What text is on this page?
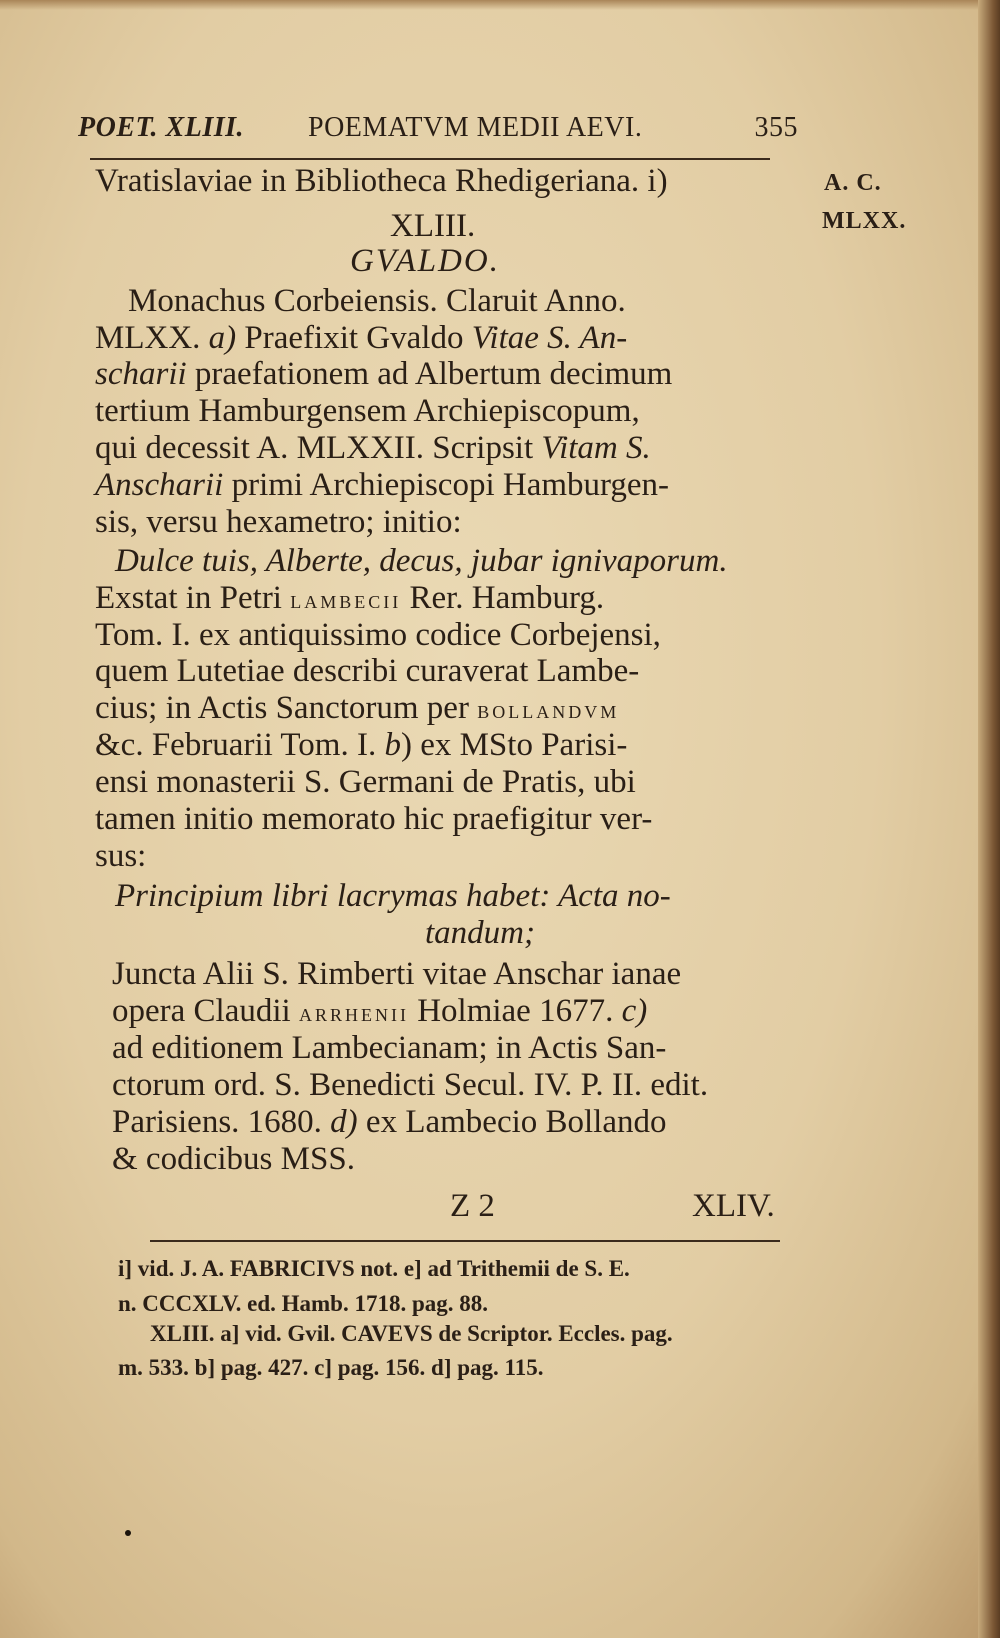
POET. XLIII. POEMATVM MEDII AEVI.	355
A. C.
MLXX.
Vratislaviae in Bibliotheca Rhedigeriana. i)
XLIII.
GVALDO.
Monachus Corbeiensis. Claruit Anno.
MLXX. a) Praefixit Gvaldo Vitae S. An-
scharii praefationem ad Albertum decimum
tertium Hamburgensem Archiepiscopum,
qui decessit A. MLXXII. Scripsit Vitam S.
Anscharii primi Archiepiscopi Hamburgen-
sis, versu hexametro; initio:
Dulce tuis, Alberte, decus, jubar ignivaporum.
Exstat in Petri lambecii Rer. Hamburg.
Tom. I. ex antiquissimo codice Corbejensi,
quem Lutetiae describi curaverat Lambe-
cius; in Actis Sanctorum per bollandvm
&c. Februarii Tom. I. b) ex MSto Parisi-
ensi monasterii S. Germani de Pratis, ubi
tamen initio memorato hic praefigitur ver-
sus:
Principium libri lacrymas habet: Acta no-
tandum;
Juncta Alii S. Rimberti vitae Anschar ianae
opera Claudii arrhenii Holmiae 1677. c)
ad editionem Lambecianam; in Actis San-
ctorum ord. S. Benedicti Secul. IV. P. II. edit.
Parisiens. 1680. d) ex Lambecio Bollando
& codicibus MSS.
Z 2	XLIV.
i] vid. J. A. FABRICIVS not. e] ad Trithemii de S. E.
n. CCCXLV. ed. Hamb. 1718. pag. 88.
XLIII. a] vid. Gvil. CAVEVS de Scriptor. Eccles. pag.
m. 533. b] pag. 427. c] pag. 156. d] pag. 115.
